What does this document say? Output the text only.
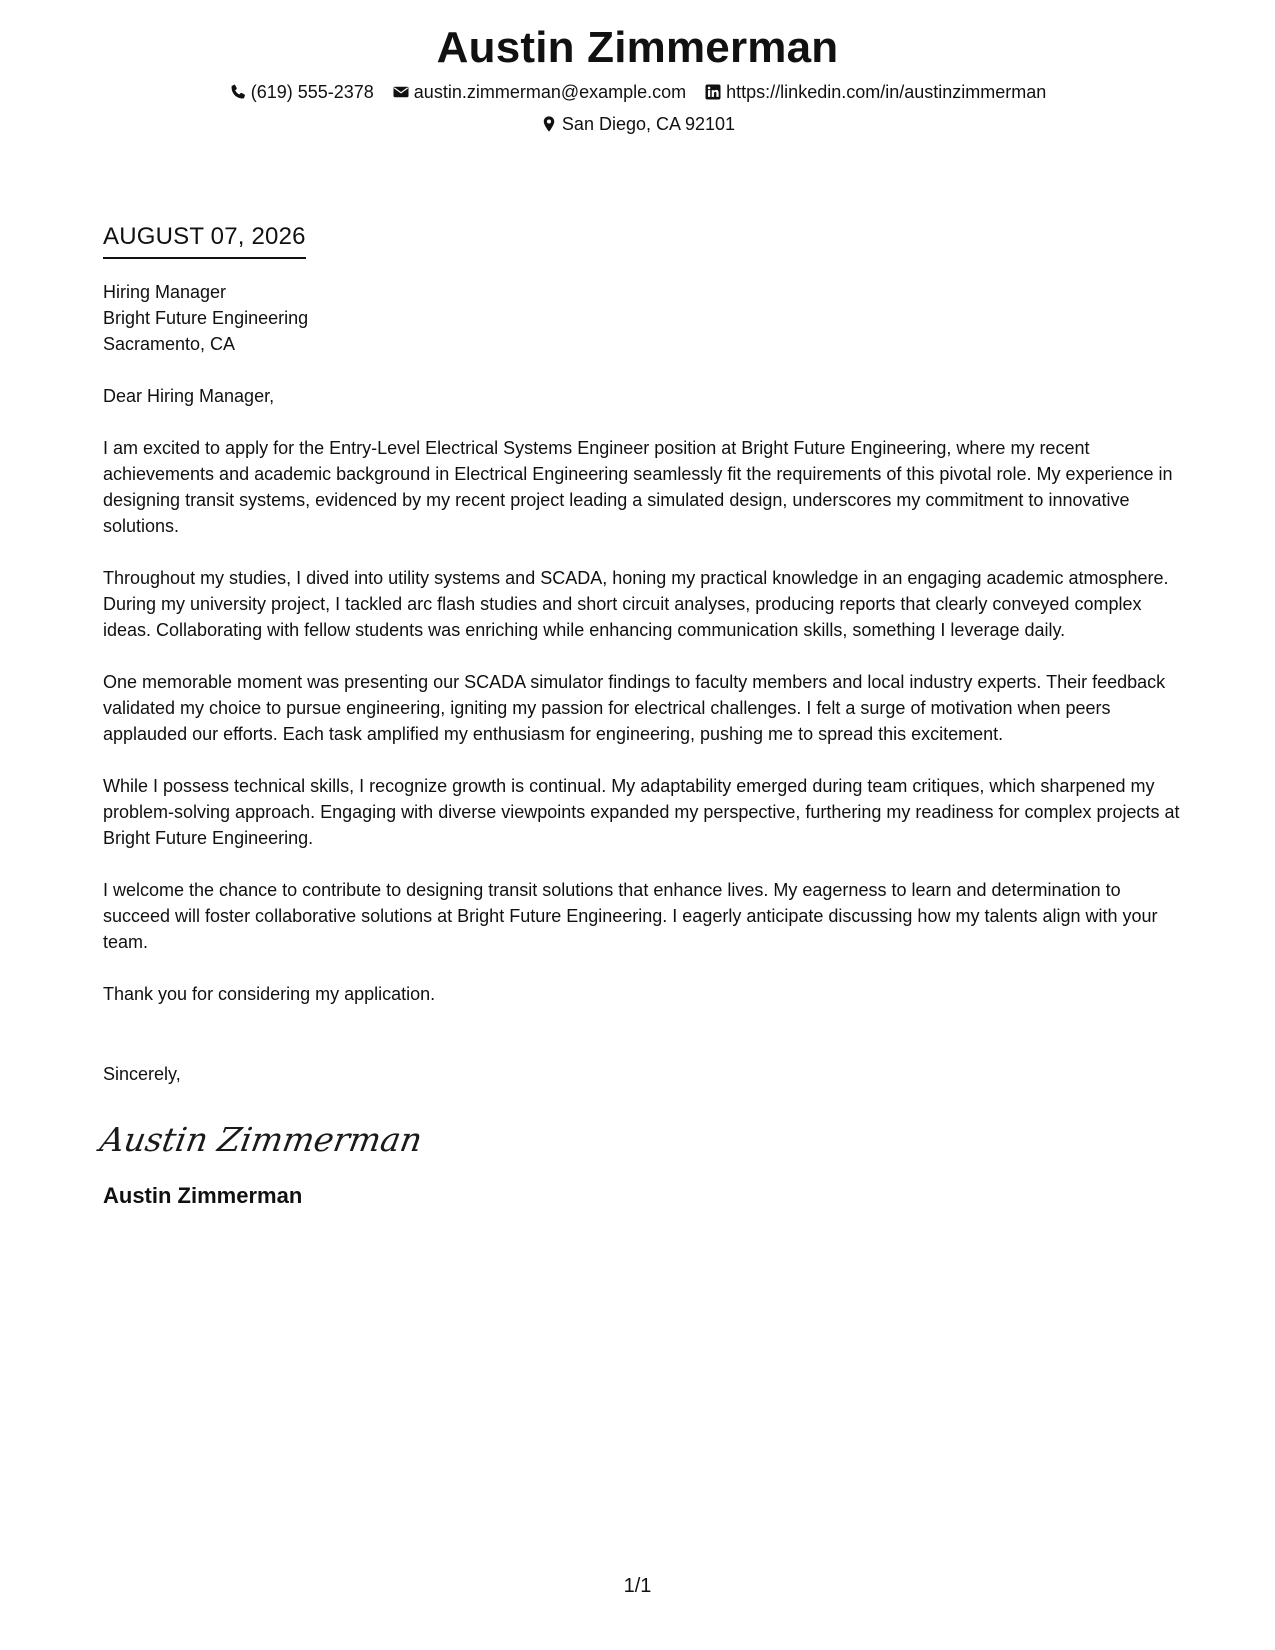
Austin Zimmerman
(619) 555-2378 austin.zimmerman@example.com https://linkedin.com/in/austinzimmerman
San Diego, CA 92101
AUGUST 07, 2026
Hiring Manager
Bright Future Engineering
Sacramento, CA
Dear Hiring Manager,
I am excited to apply for the Entry-Level Electrical Systems Engineer position at Bright Future Engineering, where my recent achievements and academic background in Electrical Engineering seamlessly fit the requirements of this pivotal role. My experience in designing transit systems, evidenced by my recent project leading a simulated design, underscores my commitment to innovative solutions.
Throughout my studies, I dived into utility systems and SCADA, honing my practical knowledge in an engaging academic atmosphere. During my university project, I tackled arc flash studies and short circuit analyses, producing reports that clearly conveyed complex ideas. Collaborating with fellow students was enriching while enhancing communication skills, something I leverage daily.
One memorable moment was presenting our SCADA simulator findings to faculty members and local industry experts. Their feedback validated my choice to pursue engineering, igniting my passion for electrical challenges. I felt a surge of motivation when peers applauded our efforts. Each task amplified my enthusiasm for engineering, pushing me to spread this excitement.
While I possess technical skills, I recognize growth is continual. My adaptability emerged during team critiques, which sharpened my problem-solving approach. Engaging with diverse viewpoints expanded my perspective, furthering my readiness for complex projects at Bright Future Engineering.
I welcome the chance to contribute to designing transit solutions that enhance lives. My eagerness to learn and determination to succeed will foster collaborative solutions at Bright Future Engineering. I eagerly anticipate discussing how my talents align with your team.
Thank you for considering my application.
Sincerely,
Austin Zimmerman
Austin Zimmerman
1/1
